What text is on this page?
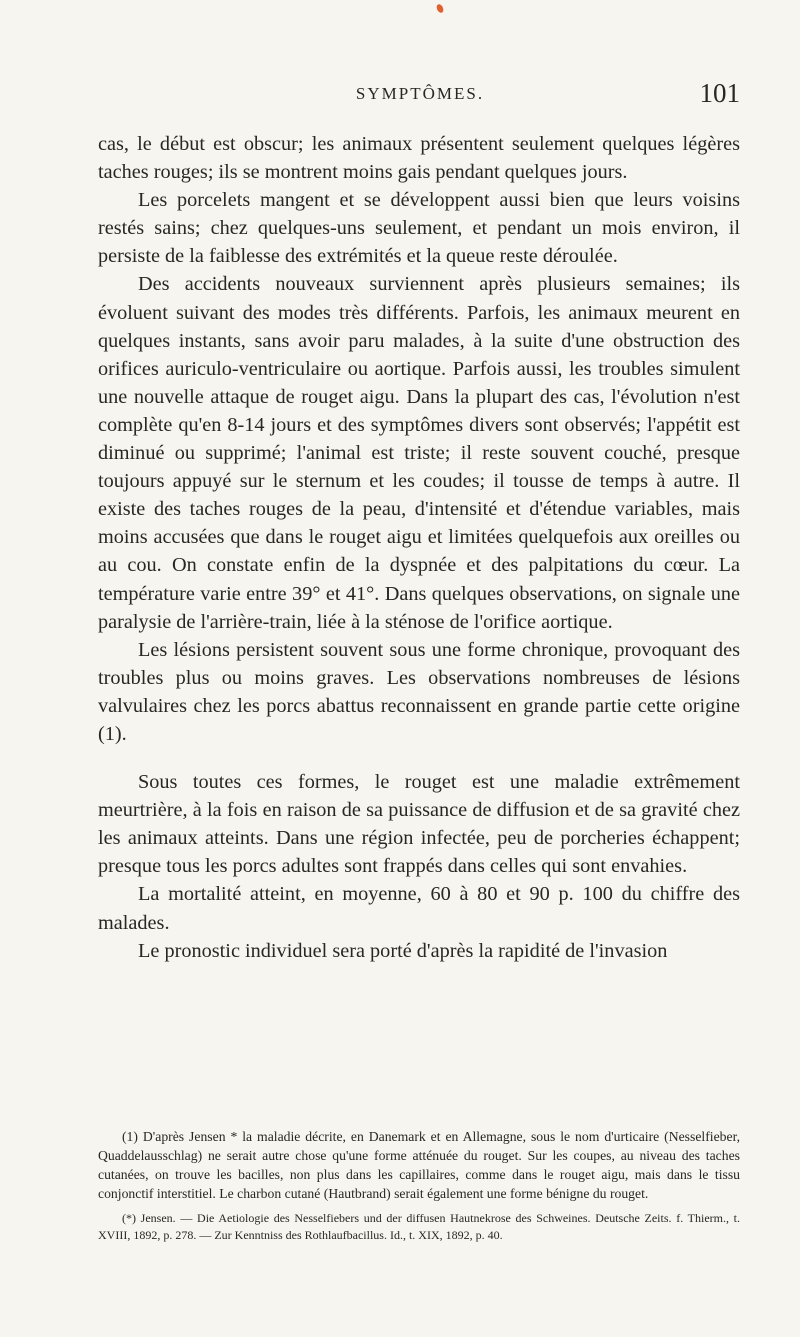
SYMPTÔMES.	101

cas, le début est obscur; les animaux présentent seulement quelques légères taches rouges; ils se montrent moins gais pendant quelques jours.

Les porcelets mangent et se développent aussi bien que leurs voisins restés sains; chez quelques-uns seulement, et pendant un mois environ, il persiste de la faiblesse des extrémités et la queue reste déroulée.

Des accidents nouveaux surviennent après plusieurs semaines; ils évoluent suivant des modes très différents. Parfois, les animaux meurent en quelques instants, sans avoir paru malades, à la suite d'une obstruction des orifices auriculo-ventriculaire ou aortique. Parfois aussi, les troubles simulent une nouvelle attaque de rouget aigu. Dans la plupart des cas, l'évolution n'est complète qu'en 8-14 jours et des symptômes divers sont observés; l'appétit est diminué ou supprimé; l'animal est triste; il reste souvent couché, presque toujours appuyé sur le sternum et les coudes; il tousse de temps à autre. Il existe des taches rouges de la peau, d'intensité et d'étendue variables, mais moins accusées que dans le rouget aigu et limitées quelquefois aux oreilles ou au cou. On constate enfin de la dyspnée et des palpitations du cœur. La température varie entre 39° et 41°. Dans quelques observations, on signale une paralysie de l'arrière-train, liée à la sténose de l'orifice aortique.

Les lésions persistent souvent sous une forme chronique, provoquant des troubles plus ou moins graves. Les observations nombreuses de lésions valvulaires chez les porcs abattus reconnaissent en grande partie cette origine (1).

Sous toutes ces formes, le rouget est une maladie extrêmement meurtrière, à la fois en raison de sa puissance de diffusion et de sa gravité chez les animaux atteints. Dans une région infectée, peu de porcheries échappent; presque tous les porcs adultes sont frappés dans celles qui sont envahies.

La mortalité atteint, en moyenne, 60 à 80 et 90 p. 100 du chiffre des malades.

Le pronostic individuel sera porté d'après la rapidité de l'invasion

(1) D'après Jensen * la maladie décrite, en Danemark et en Allemagne, sous le nom d'urticaire (Nesselfieber, Quaddelausschlag) ne serait autre chose qu'une forme atténuée du rouget. Sur les coupes, au niveau des taches cutanées, on trouve les bacilles, non plus dans les capillaires, comme dans le rouget aigu, mais dans le tissu conjonctif interstitiel. Le charbon cutané (Hautbrand) serait également une forme bénigne du rouget.

(*) Jensen. — Die Aetiologie des Nesselfiebers und der diffusen Hautnekrose des Schweines. Deutsche Zeits. f. Thierm., t. XVIII, 1892, p. 278. — Zur Kenntniss des Rothlaufbacillus. Id., t. XIX, 1892, p. 40.
